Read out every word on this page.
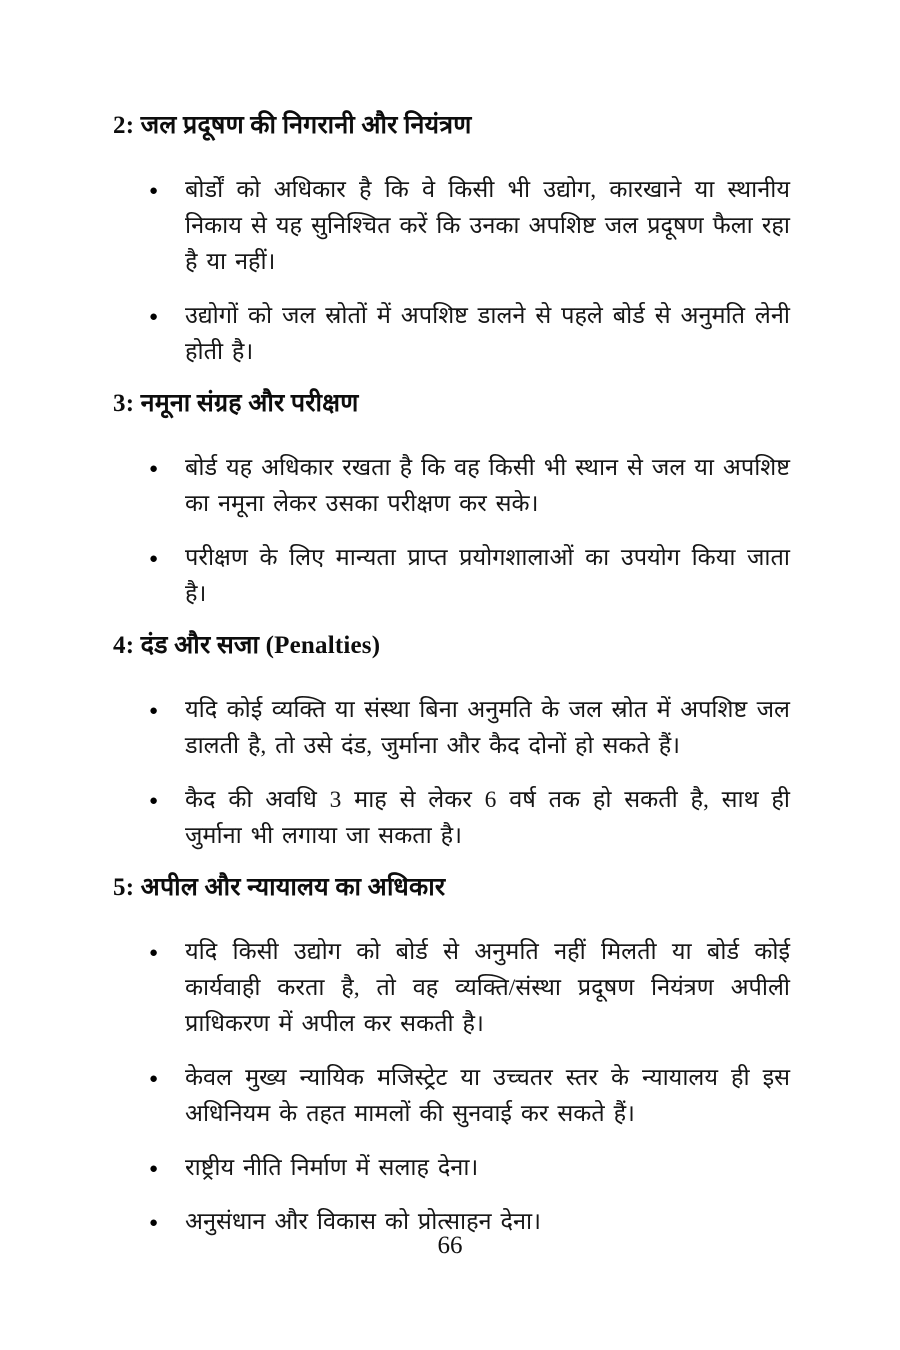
2: जल प्रदूषण की निगरानी और नियंत्रण
● बोर्डों को अधिकार है कि वे किसी भी उद्योग, कारखाने या स्थानीय निकाय से यह सुनिश्चित करें कि उनका अपशिष्ट जल प्रदूषण फैला रहा है या नहीं।
● उद्योगों को जल स्रोतों में अपशिष्ट डालने से पहले बोर्ड से अनुमति लेनी होती है।
3: नमूना संग्रह और परीक्षण
● बोर्ड यह अधिकार रखता है कि वह किसी भी स्थान से जल या अपशिष्ट का नमूना लेकर उसका परीक्षण कर सके।
● परीक्षण के लिए मान्यता प्राप्त प्रयोगशालाओं का उपयोग किया जाता है।
4: दंड और सजा (Penalties)
● यदि कोई व्यक्ति या संस्था बिना अनुमति के जल स्रोत में अपशिष्ट जल डालती है, तो उसे दंड, जुर्माना और कैद दोनों हो सकते हैं।
● कैद की अवधि 3 माह से लेकर 6 वर्ष तक हो सकती है, साथ ही जुर्माना भी लगाया जा सकता है।
5: अपील और न्यायालय का अधिकार
● यदि किसी उद्योग को बोर्ड से अनुमति नहीं मिलती या बोर्ड कोई कार्यवाही करता है, तो वह व्यक्ति/संस्था प्रदूषण नियंत्रण अपीली प्राधिकरण में अपील कर सकती है।
● केवल मुख्य न्यायिक मजिस्ट्रेट या उच्चतर स्तर के न्यायालय ही इस अधिनियम के तहत मामलों की सुनवाई कर सकते हैं।
● राष्ट्रीय नीति निर्माण में सलाह देना।
● अनुसंधान और विकास को प्रोत्साहन देना।
66
